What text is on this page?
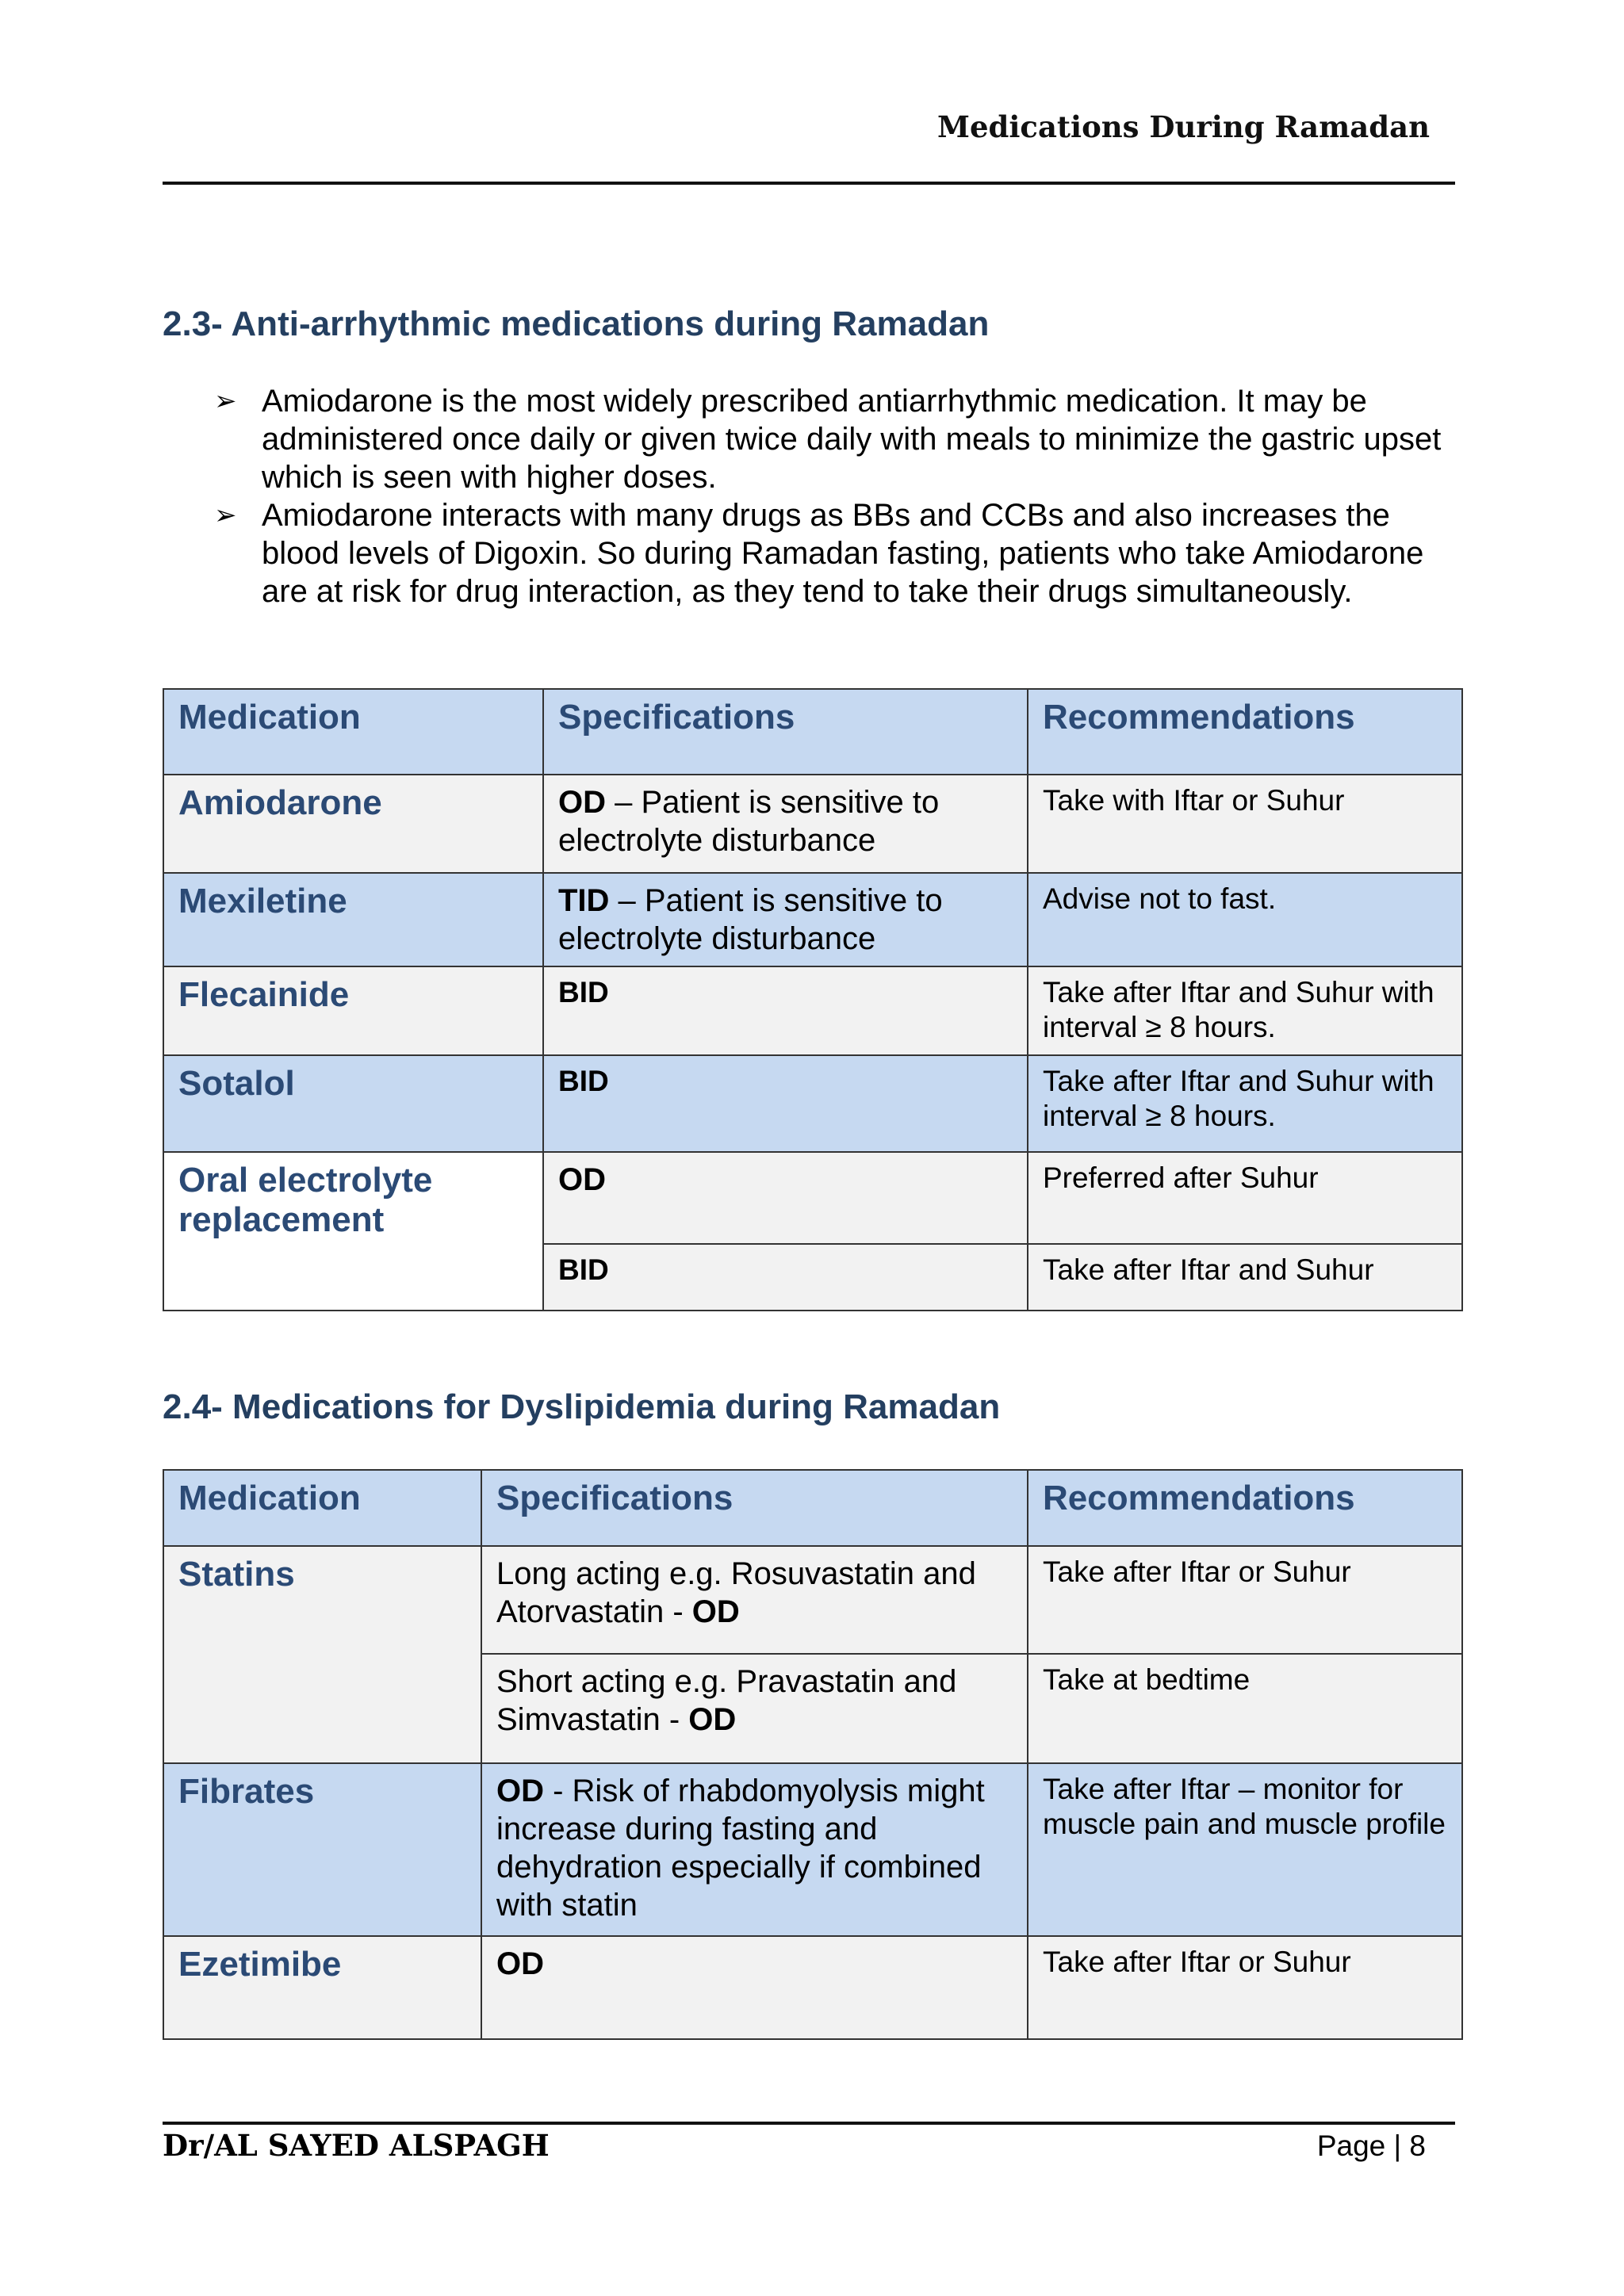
Medications During Ramadan
2.3- Anti-arrhythmic medications during Ramadan
➢ Amiodarone is the most widely prescribed antiarrhythmic medication. It may be administered once daily or given twice daily with meals to minimize the gastric upset which is seen with higher doses.
➢ Amiodarone interacts with many drugs as BBs and CCBs and also increases the blood levels of Digoxin. So during Ramadan fasting, patients who take Amiodarone are at risk for drug interaction, as they tend to take their drugs simultaneously.
Medication	Specifications	Recommendations
Amiodarone	OD – Patient is sensitive to electrolyte disturbance	Take with Iftar or Suhur
Mexiletine	TID – Patient is sensitive to electrolyte disturbance	Advise not to fast.
Flecainide	BID	Take after Iftar and Suhur with interval ≥ 8 hours.
Sotalol	BID	Take after Iftar and Suhur with interval ≥ 8 hours.
Oral electrolyte replacement	OD	Preferred after Suhur
	BID	Take after Iftar and Suhur
2.4- Medications for Dyslipidemia during Ramadan
Medication	Specifications	Recommendations
Statins	Long acting e.g. Rosuvastatin and Atorvastatin - OD	Take after Iftar or Suhur
	Short acting e.g. Pravastatin and Simvastatin - OD	Take at bedtime
Fibrates	OD - Risk of rhabdomyolysis might increase during fasting and dehydration especially if combined with statin	Take after Iftar – monitor for muscle pain and muscle profile
Ezetimibe	OD	Take after Iftar or Suhur
Dr/AL SAYED ALSPAGH	Page | 8
